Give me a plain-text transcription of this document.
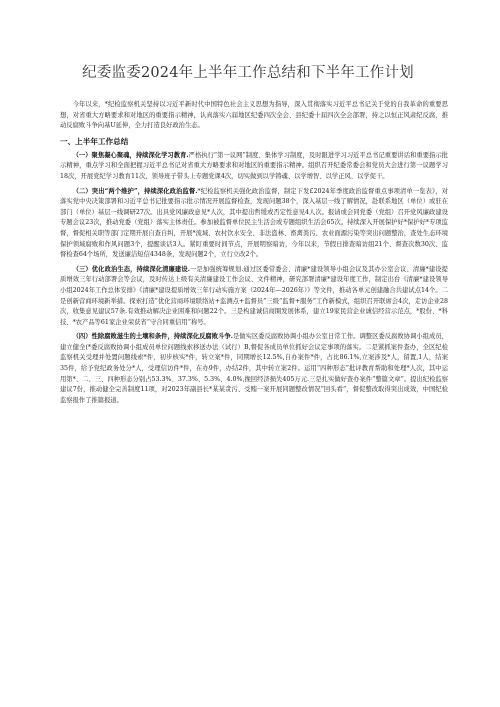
纪委监委2024年上半年工作总结和下半年工作计划

今年以来，*纪检监察机关坚持以习近平新时代中国特色社会主义思想为指导，深入贯彻落实习近平总书记关于党的自我革命的重要思想，对省重大方略要求和对地区的重要指示精神，认真落实六届地区纪委四次全会、县纪委十届四次全会部署，持之以恒正风肃纪反腐，推动反腐败斗争向基U延伸，全力打造良好政治生态。

一、上半年工作总结

（一）聚焦凝心聚魂，持续深化学习教育.严格执行“第一议网”制度、集体学习制度，及时跟进学习习近平总书记重要讲话和重要指示批示精神，重点学习和全面把握习近平总书记对省重大方略要求和对地区的重要指示精神。组织召开纪委常委会和党员大会进行第一议题学习18次，开展党纪学习教育11次，领导班子带头上专题党课4次，切实做到以学铸魂、以学增智、以学正风、以学促干。

（二）突出“两个维护”，持续深化政治监督.*纪检监察机关强化政治监督，制定下发£2024年季度政治监督重点事项清单一览表》，对落实党中央决策部署和习近平总书记批要指示批示情况开展监督检查，发现问题38个，深入基层一线了解情况，赴联系地区（单位）或驻在部门（单位）基层一线调研27次。出具党风廉政意见*人次，其中提出哲缓或否定性意见4人次。报请或会同党委（党组）召开党风廉政建设专题会议23次，推动党委（党组）落实主体责任。参加被监督单位民主生活会或专题组织生活会65次。持续深入开展保护好*保护好*专项监督，督促相关职等部门定期开展自查自纠，开展*流域、农村饮水安全、非法盗林、畜禽粪污、农业面源污染等突出问题整治，查处生态环境保护领域腐败和作风问题3个，提醒谈话3人。紧盯重要时间节点，开展明察暗访，今年以来，节假日排查暗访组21个、督查次数30次、监督检查64个场所，发送廉洁短信4348条，发现问题2个，立行立改2个。

（三）优化政治生态，持续深化清廉建设.一是加强统筹规划.通过区委常委会、清廉*建设领导小组会议及其办公室会议、清廉*建设提质增效三年行动部署会等会议，及时传达上级有关清廉建设工作会议、文件精神，研究部署清廉*建设年度工作，制定出台《清廉*建设领导小组2024年工作总体安排》《清廉*建设提质增效三年行动实施方案（2024年—2026年）》等文件，推动各单元创建融合共建试点14个。二是创新营商环境新举措。探索打造“优化营商环境联络站+监测点+监督员”三级“监督+服务”工作新模式，组织召开联席会4次，走访企业28次，收集意见建议57条.有效推动解决企业困难和问题22个。三是构建诚信商圈发展体系，建立19家民营企业诚信经营示范点，*股份、*科技、*农产品等61家企业荣获省“守合同重信用”称号。

（四）性除腐败滋生的土壤和条件，持续深化反腐败斗争.是做实区委反腐败协调小组办公室日常工作。调整区委反腐败协调小组成员，建立健全(*委反腐败协调小组成员单位问题线索移送办法（试行）B,督促各成员单位抓好会议定事项的落实。二是紧抓案件查办，全区纪检监察机关受理并处置问题线索*件，初步核实*件，转立案*件，同期增长12.5%,自办案件*件，占比86.1%,立案涉及*人，留置,1人，结案35件，给予党纪政务处分*人，受理信访件*件，在办9件，办结2件，其中转立案2件。运用“四种形态”批评教育帮助和处理*人次，其中运用第*、二、三、四种形态分别占53.3%、37.3%、5.3%、4.0%,挽回经济损失405万元.三是扎实做好查办案件“整篇文章”。提出纪检监察建议7份，推动健全完善制度11项，对2023年副县长*某某贪污、受贿一案开展同题整改情况“回头看”，督促整改取得突出成效，中国纪检监察报作了推篇报道。
